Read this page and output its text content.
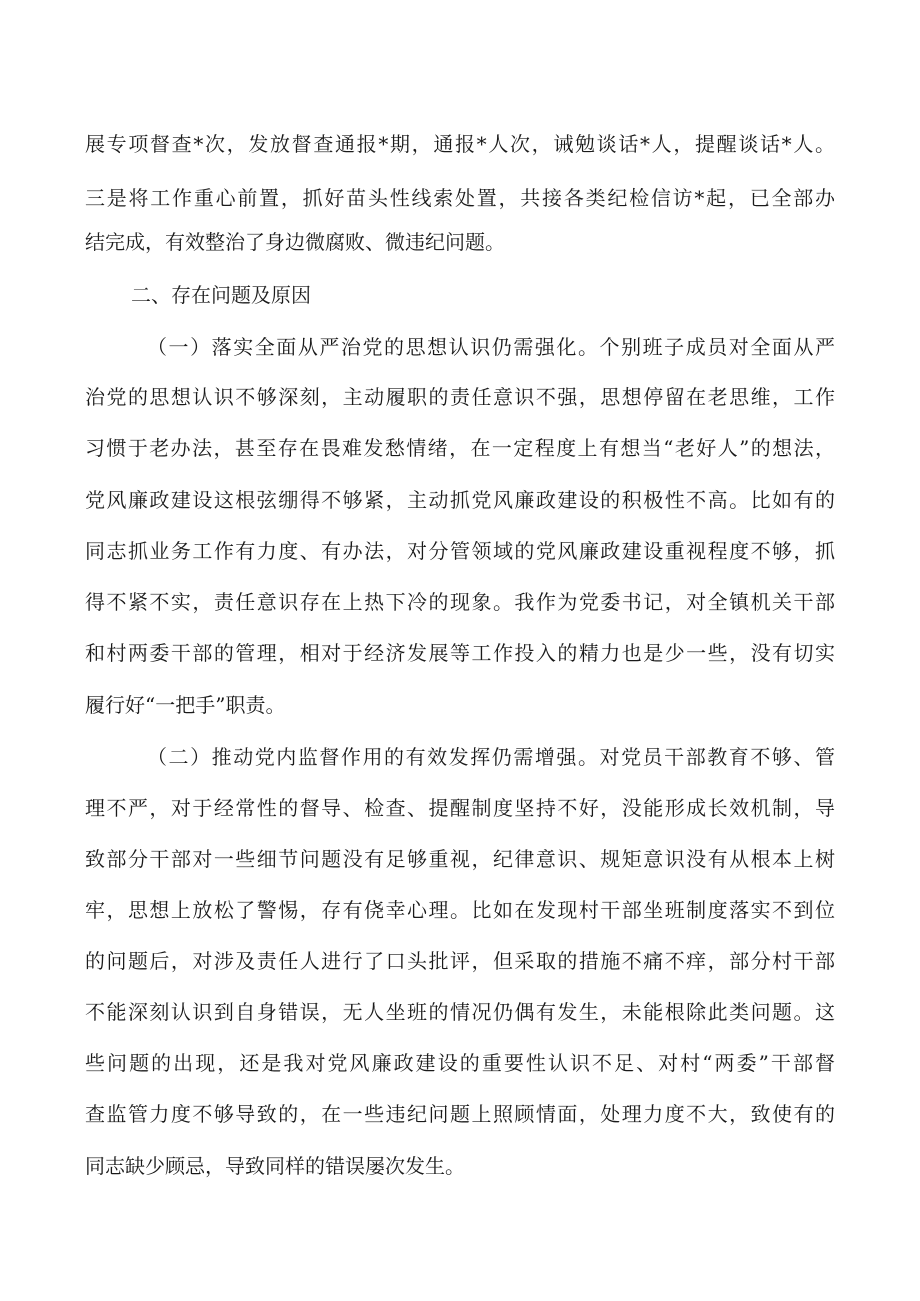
展专项督查*次，发放督查通报*期，通报*人次，诫勉谈话*人，提醒谈话*人。
三是将工作重心前置，抓好苗头性线索处置，共接各类纪检信访*起，已全部办
结完成，有效整治了身边微腐败、微违纪问题。
二、存在问题及原因
（一）落实全面从严治党的思想认识仍需强化。个别班子成员对全面从严
治党的思想认识不够深刻，主动履职的责任意识不强，思想停留在老思维，工作
习惯于老办法，甚至存在畏难发愁情绪，在一定程度上有想当“老好人”的想法，
党风廉政建设这根弦绷得不够紧，主动抓党风廉政建设的积极性不高。比如有的
同志抓业务工作有力度、有办法，对分管领域的党风廉政建设重视程度不够，抓
得不紧不实，责任意识存在上热下冷的现象。我作为党委书记，对全镇机关干部
和村两委干部的管理，相对于经济发展等工作投入的精力也是少一些，没有切实
履行好“一把手”职责。
（二）推动党内监督作用的有效发挥仍需增强。对党员干部教育不够、管
理不严，对于经常性的督导、检查、提醒制度坚持不好，没能形成长效机制，导
致部分干部对一些细节问题没有足够重视，纪律意识、规矩意识没有从根本上树
牢，思想上放松了警惕，存有侥幸心理。比如在发现村干部坐班制度落实不到位
的问题后，对涉及责任人进行了口头批评，但采取的措施不痛不痒，部分村干部
不能深刻认识到自身错误，无人坐班的情况仍偶有发生，未能根除此类问题。这
些问题的出现，还是我对党风廉政建设的重要性认识不足、对村“两委”干部督
查监管力度不够导致的，在一些违纪问题上照顾情面，处理力度不大，致使有的
同志缺少顾忌，导致同样的错误屡次发生。
